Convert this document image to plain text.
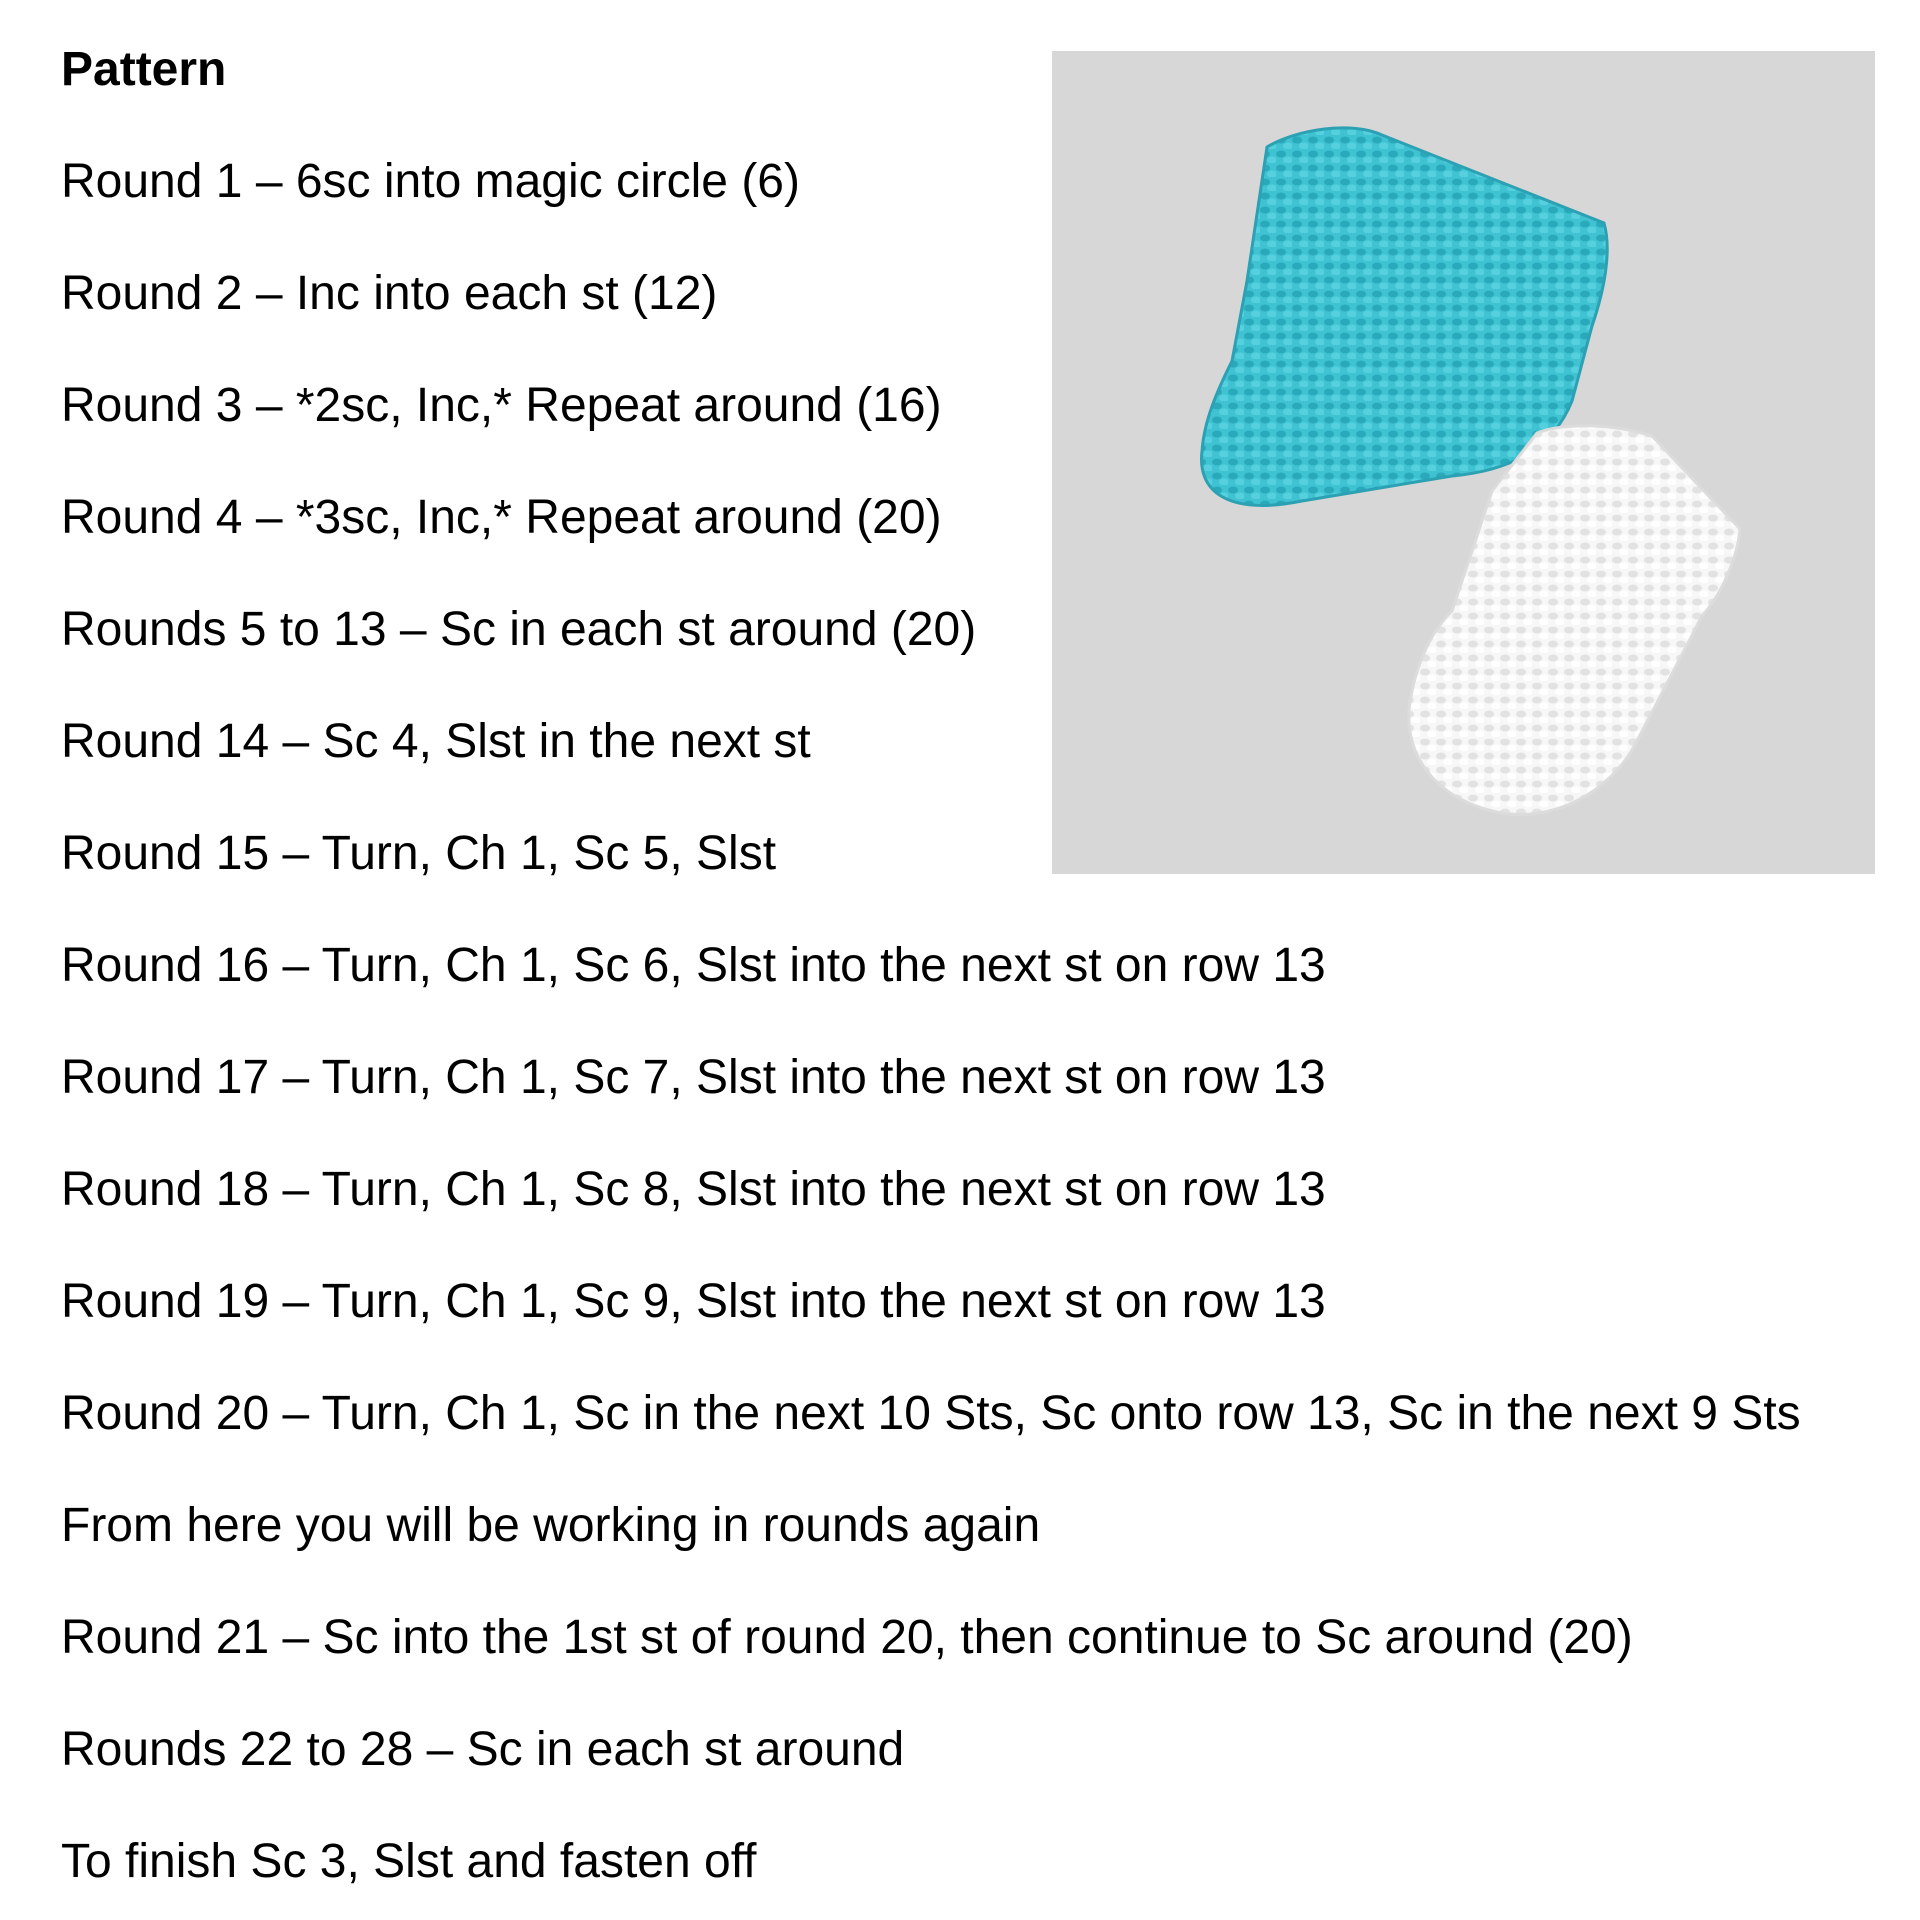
Pattern

Round 1 – 6sc into magic circle (6)

Round 2 – Inc into each st (12)

Round 3 – *2sc, Inc,* Repeat around (16)

Round 4 – *3sc, Inc,* Repeat around (20)

Rounds 5 to 13 – Sc in each st around (20)

Round 14 – Sc 4, Slst in the next st

Round 15 – Turn, Ch 1, Sc 5, Slst

Round 16 – Turn, Ch 1, Sc 6, Slst into the next st on row 13

Round 17 – Turn, Ch 1, Sc 7, Slst into the next st on row 13

Round 18 – Turn, Ch 1, Sc 8, Slst into the next st on row 13

Round 19 – Turn, Ch 1, Sc 9, Slst into the next st on row 13

Round 20 – Turn, Ch 1, Sc in the next 10 Sts, Sc onto row 13, Sc in the next 9 Sts

From here you will be working in rounds again

Round 21 – Sc into the 1st st of round 20, then continue to Sc around (20)

Rounds 22 to 28 – Sc in each st around

To finish Sc 3, Slst and fasten off
